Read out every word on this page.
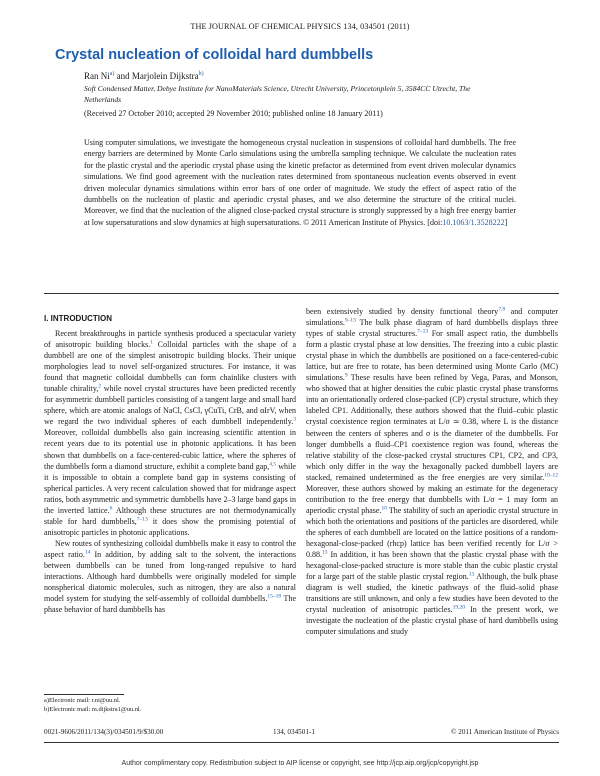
THE JOURNAL OF CHEMICAL PHYSICS 134, 034501 (2011)
Crystal nucleation of colloidal hard dumbbells
Ran Ni$^{a)}$ and Marjolein Dijkstra$^{b)}$
Soft Condensed Matter, Debye Institute for NanoMaterials Science, Utrecht University, Princetonplein 5, 3584CC Utrecht, The Netherlands
(Received 27 October 2010; accepted 29 November 2010; published online 18 January 2011)
Using computer simulations, we investigate the homogeneous crystal nucleation in suspensions of colloidal hard dumbbells. The free energy barriers are determined by Monte Carlo simulations using the umbrella sampling technique. We calculate the nucleation rates for the plastic crystal and the aperiodic crystal phase using the kinetic prefactor as determined from event driven molecular dynamics simulations. We find good agreement with the nucleation rates determined from spontaneous nucleation events observed in event driven molecular dynamics simulations within error bars of one order of magnitude. We study the effect of aspect ratio of the dumbbells on the nucleation of plastic and aperiodic crystal phases, and we also determine the structure of the critical nuclei. Moreover, we find that the nucleation of the aligned close-packed crystal structure is strongly suppressed by a high free energy barrier at low supersaturations and slow dynamics at high supersaturations. © 2011 American Institute of Physics. [doi:10.1063/1.3528222]
I. INTRODUCTION

Recent breakthroughs in particle synthesis produced a spectacular variety of anisotropic building blocks.$^1$ Colloidal particles with the shape of a dumbbell are one of the simplest anisotropic building blocks. Their unique morphologies lead to novel self-organized structures. For instance, it was found that magnetic colloidal dumbbells can form chainlike clusters with tunable chirality,$^2$ while novel crystal structures have been predicted recently for asymmetric dumbbell particles consisting of a tangent large and small hard sphere, which are atomic analogs of NaCl, CsCl, γCuTi, CrB, and αIrV, when we regard the two individual spheres of each dumbbell independently.$^3$ Moreover, colloidal dumbbells also gain increasing scientific attention in recent years due to its potential use in photonic applications. It has been shown that dumbbells on a face-centered-cubic lattice, where the spheres of the dumbbells form a diamond structure, exhibit a complete band gap,$^{4,5}$ while it is impossible to obtain a complete band gap in systems consisting of spherical particles. A very recent calculation showed that for midrange aspect ratios, both asymmetric and symmetric dumbbells have 2–3 large band gaps in the inverted lattice.$^6$ Although these structures are not thermodynamically stable for hard dumbbells,$^{7-13}$ it does show the promising potential of anisotropic particles in photonic applications.

New routes of synthesizing colloidal dumbbells make it easy to control the aspect ratio.$^{14}$ In addition, by adding salt to the solvent, the interactions between dumbbells can be tuned from long-ranged repulsive to hard interactions. Although hard dumbbells were originally modeled for simple nonspherical diatomic molecules, such as nitrogen, they are also a natural model system for studying the self-assembly of colloidal dumbbells.$^{15-18}$ The phase behavior of hard dumbbells has

been extensively studied by density functional theory$^{7,8}$ and computer simulations.$^{9-13}$ The bulk phase diagram of hard dumbbells displays three types of stable crystal structures.$^{7-13}$ For small aspect ratio, the dumbbells form a plastic crystal phase at low densities. The freezing into a cubic plastic crystal phase in which the dumbbells are positioned on a face-centered-cubic lattice, but are free to rotate, has been determined using Monte Carlo (MC) simulations.$^9$ These results have been refined by Vega, Paras, and Monson, who showed that at higher densities the cubic plastic crystal phase transforms into an orientationally ordered close-packed (CP) crystal structure, which they labeled CP1. Additionally, these authors showed that the fluid–cubic plastic crystal coexistence region terminates at L/σ ≃ 0.38, where L is the distance between the centers of spheres and σ is the diameter of the dumbbells. For longer dumbbells a fluid–CP1 coexistence region was found, whereas the relative stability of the close-packed crystal structures CP1, CP2, and CP3, which only differ in the way the hexagonally packed dumbbell layers are stacked, remained undetermined as the free energies are very similar.$^{10-12}$ Moreover, these authors showed by making an estimate for the degeneracy contribution to the free energy that dumbbells with L/σ = 1 may form an aperiodic crystal phase.$^{10}$ The stability of such an aperiodic crystal structure in which both the orientations and positions of the particles are disordered, while the spheres of each dumbbell are located on the lattice positions of a random-hexagonal-close-packed (rhcp) lattice has been verified recently for L/σ > 0.88.13 In addition, it has been shown that the plastic crystal phase with the hexagonal-close-packed structure is more stable than the cubic plastic crystal for a large part of the stable plastic crystal region.$^{13}$ Although, the bulk phase diagram is well studied, the kinetic pathways of the fluid–solid phase transitions are still unknown, and only a few studies have been devoted to the crystal nucleation of anisotropic particles.$^{19,20}$ In the present work, we investigate the nucleation of the plastic crystal phase of hard dumbbells using computer simulations and study

a)Electronic mail: r.ni@uu.nl.
b)Electronic mail: m.dijkstra1@uu.nl.
0021-9606/2011/134(3)/034501/9/$30.00	134, 034501-1	© 2011 American Institute of Physics
Author complimentary copy. Redistribution subject to AIP license or copyright, see http://jcp.aip.org/jcp/copyright.jsp
